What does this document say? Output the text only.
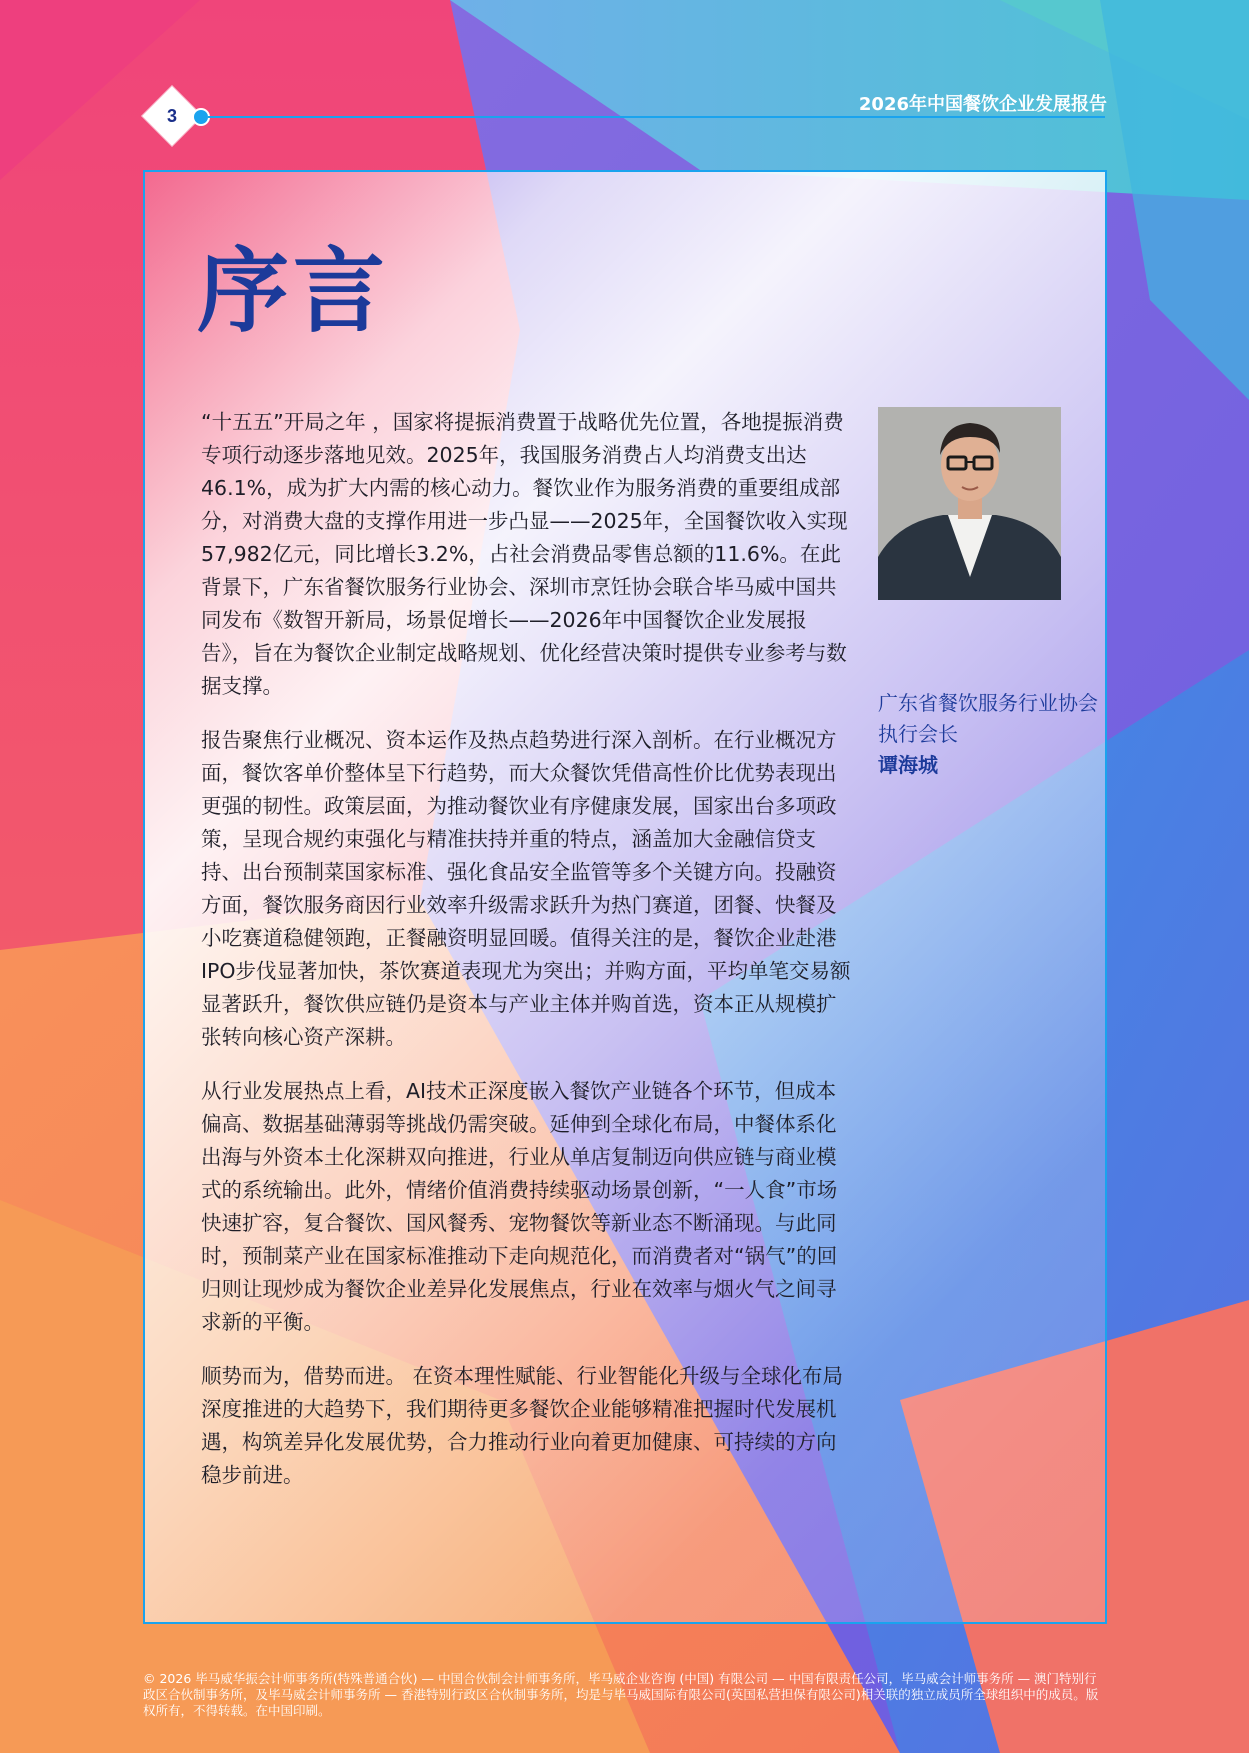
3
2026年中国餐饮企业发展报告
序言

“十五五”开局之年 ，国家将提振消费置于战略优先位置，各地提振消费专项行动逐步落地见效。2025年，我国服务消费占人均消费支出达46.1%，成为扩大内需的核心动力。餐饮业作为服务消费的重要组成部分，对消费大盘的支撑作用进一步凸显——2025年，全国餐饮收入实现57,982亿元，同比增长3.2%，占社会消费品零售总额的11.6%。在此背景下，广东省餐饮服务行业协会、深圳市烹饪协会联合毕马威中国共同发布《数智开新局，场景促增长——2026年中国餐饮企业发展报告》，旨在为餐饮企业制定战略规划、优化经营决策时提供专业参考与数据支撑。

报告聚焦行业概况、资本运作及热点趋势进行深入剖析。在行业概况方面，餐饮客单价整体呈下行趋势，而大众餐饮凭借高性价比优势表现出更强的韧性。政策层面，为推动餐饮业有序健康发展，国家出台多项政策，呈现合规约束强化与精准扶持并重的特点，涵盖加大金融信贷支持、出台预制菜国家标准、强化食品安全监管等多个关键方向。投融资方面，餐饮服务商因行业效率升级需求跃升为热门赛道，团餐、快餐及小吃赛道稳健领跑，正餐融资明显回暖。值得关注的是，餐饮企业赴港IPO步伐显著加快，茶饮赛道表现尤为突出；并购方面，平均单笔交易额显著跃升，餐饮供应链仍是资本与产业主体并购首选，资本正从规模扩张转向核心资产深耕。

从行业发展热点上看，AI技术正深度嵌入餐饮产业链各个环节，但成本偏高、数据基础薄弱等挑战仍需突破。延伸到全球化布局，中餐体系化出海与外资本土化深耕双向推进，行业从单店复制迈向供应链与商业模式的系统输出。此外，情绪价值消费持续驱动场景创新，“一人食”市场快速扩容，复合餐饮、国风餐秀、宠物餐饮等新业态不断涌现。与此同时，预制菜产业在国家标准推动下走向规范化，而消费者对“锅气”的回归则让现炒成为餐饮企业差异化发展焦点，行业在效率与烟火气之间寻求新的平衡。

顺势而为，借势而进。 在资本理性赋能、行业智能化升级与全球化布局深度推进的大趋势下，我们期待更多餐饮企业能够精准把握时代发展机遇，构筑差异化发展优势，合力推动行业向着更加健康、可持续的方向稳步前进。

广东省餐饮服务行业协会执行会长
谭海城
© 2026 毕马威华振会计师事务所(特殊普通合伙) — 中国合伙制会计师事务所，毕马威企业咨询 (中国) 有限公司 — 中国有限责任公司，毕马威会计师事务所 — 澳门特别行政区合伙制事务所，及毕马威会计师事务所 — 香港特别行政区合伙制事务所，均是与毕马威国际有限公司(英国私营担保有限公司)相关联的独立成员所全球组织中的成员。版权所有，不得转载。在中国印刷。
